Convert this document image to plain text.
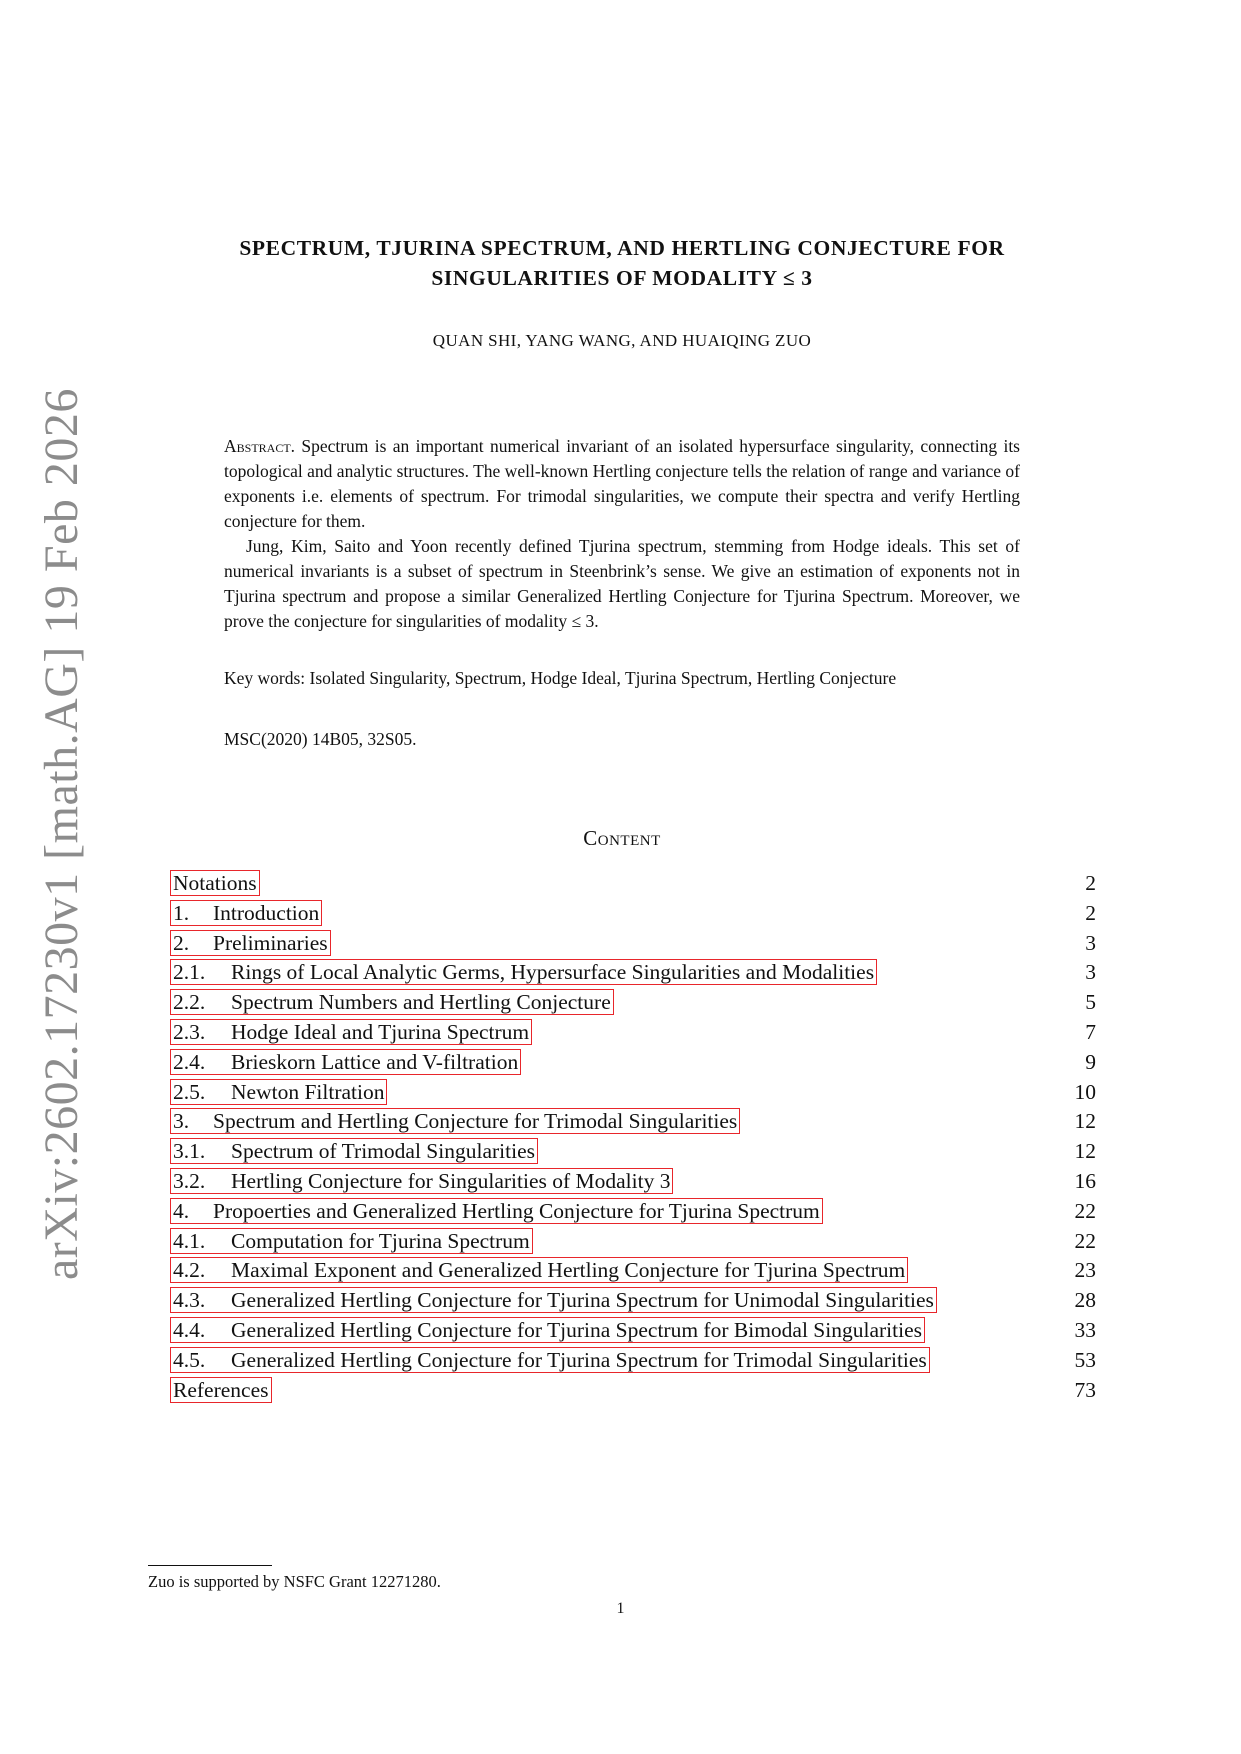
arXiv:2602.17230v1 [math.AG] 19 Feb 2026
SPECTRUM, TJURINA SPECTRUM, AND HERTLING CONJECTURE FOR
SINGULARITIES OF MODALITY ≤ 3
QUAN SHI, YANG WANG, AND HUAIQING ZUO

Abstract. Spectrum is an important numerical invariant of an isolated hypersurface singularity, connecting its topological and analytic structures. The well-known Hertling conjecture tells the relation of range and variance of exponents i.e. elements of spectrum. For trimodal singularities, we compute their spectra and verify Hertling conjecture for them.

Jung, Kim, Saito and Yoon recently defined Tjurina spectrum, stemming from Hodge ideals. This set of numerical invariants is a subset of spectrum in Steenbrink’s sense. We give an estimation of exponents not in Tjurina spectrum and propose a similar Generalized Hertling Conjecture for Tjurina Spectrum. Moreover, we prove the conjecture for singularities of modality ≤ 3.

Key words: Isolated Singularity, Spectrum, Hodge Ideal, Tjurina Spectrum, Hertling Conjecture
MSC(2020) 14B05, 32S05.
Content
Notations	2
1. Introduction	2
2. Preliminaries	3
2.1. Rings of Local Analytic Germs, Hypersurface Singularities and Modalities	3
2.2. Spectrum Numbers and Hertling Conjecture	5
2.3. Hodge Ideal and Tjurina Spectrum	7
2.4. Brieskorn Lattice and V-filtration	9
2.5. Newton Filtration	10
3. Spectrum and Hertling Conjecture for Trimodal Singularities	12
3.1. Spectrum of Trimodal Singularities	12
3.2. Hertling Conjecture for Singularities of Modality 3	16
4. Propoerties and Generalized Hertling Conjecture for Tjurina Spectrum	22
4.1. Computation for Tjurina Spectrum	22
4.2. Maximal Exponent and Generalized Hertling Conjecture for Tjurina Spectrum	23
4.3. Generalized Hertling Conjecture for Tjurina Spectrum for Unimodal Singularities	28
4.4. Generalized Hertling Conjecture for Tjurina Spectrum for Bimodal Singularities	33
4.5. Generalized Hertling Conjecture for Tjurina Spectrum for Trimodal Singularities	53
References	73
Zuo is supported by NSFC Grant 12271280.
1
